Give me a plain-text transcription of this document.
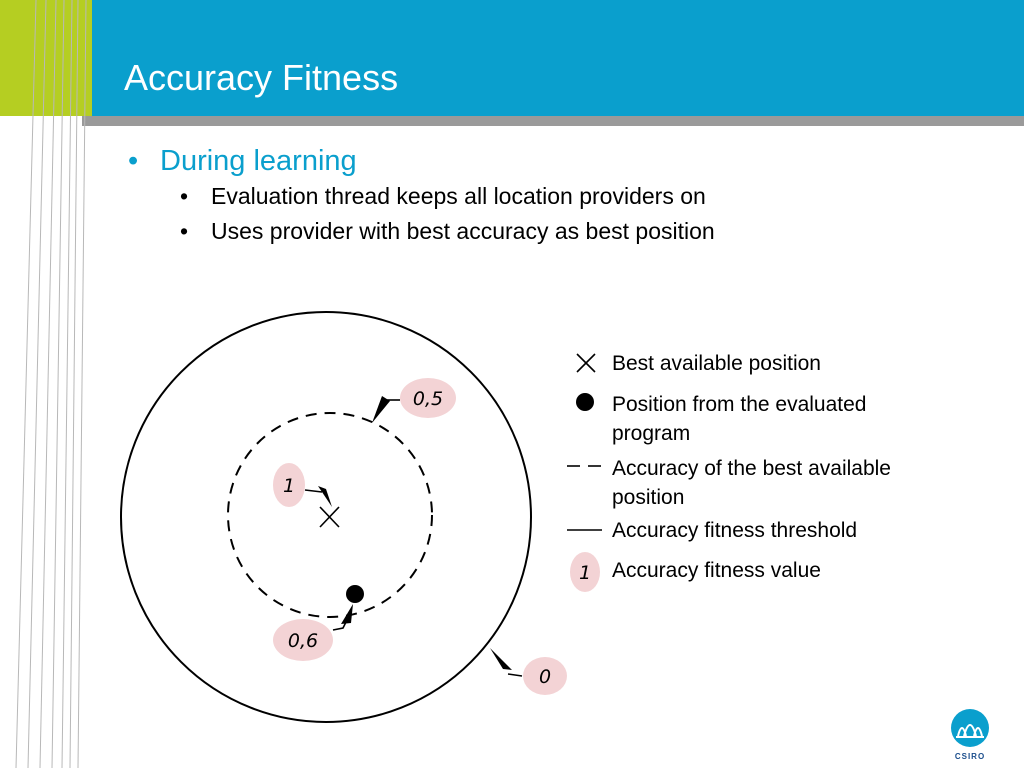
Accuracy Fitness
• During learning
• Evaluation thread keeps all location providers on
• Uses provider with best accuracy as best position
1
0,5
0,6
0
Best available position
Position from the evaluated
program
Accuracy of the best available
position
Accuracy fitness threshold
1 Accuracy fitness value
CSIRO
